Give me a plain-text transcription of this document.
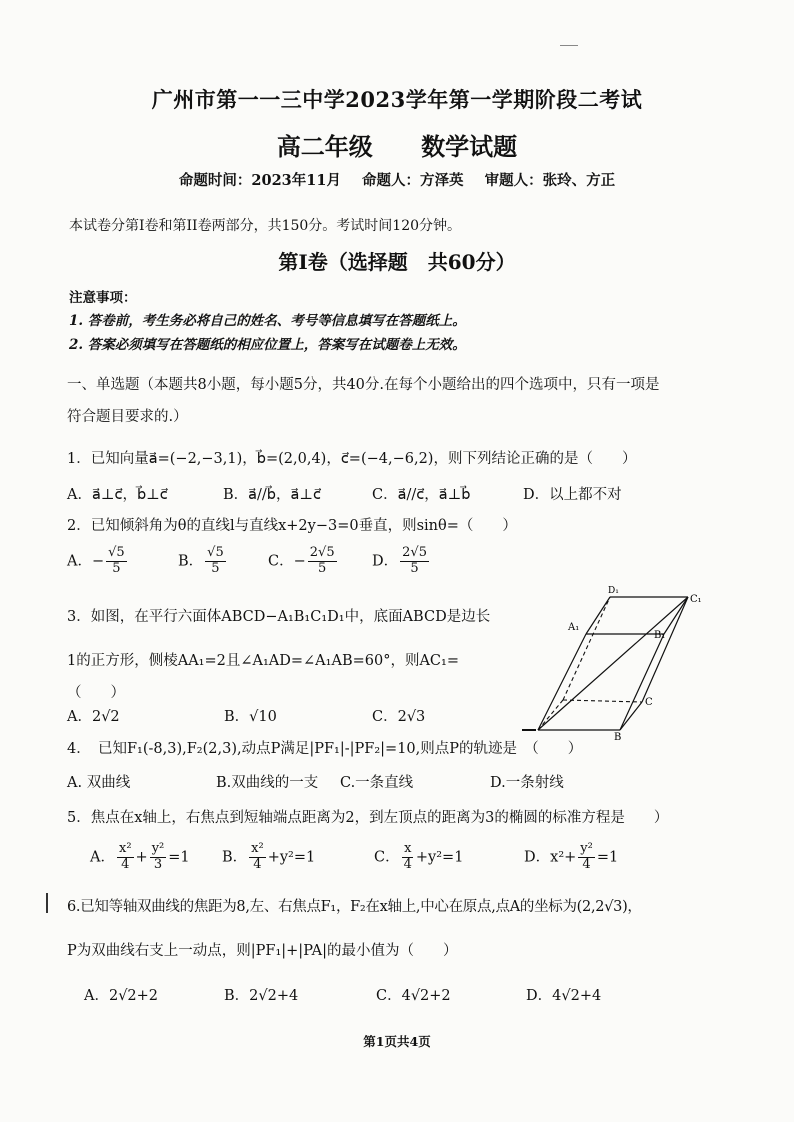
广州市第一一三中学2023学年第一学期阶段二考试
高二年级 数学试题
命题时间：2023年11月 命题人：方泽英 审题人：张玲、方正
本试卷分第I卷和第II卷两部分，共150分。考试时间120分钟。
第I卷（选择题　共60分）
注意事项：
1. 答卷前，考生务必将自己的姓名、考号等信息填写在答题纸上。
2. 答案必须填写在答题纸的相应位置上，答案写在试题卷上无效。
一、单选题（本题共8小题，每小题5分，共40分.在每个小题给出的四个选项中，只有一项是
符合题目要求的.）
1．已知向量a⃗=(−2,−3,1)，b⃗=(2,0,4)，c⃗=(−4,−6,2)，则下列结论正确的是（　　）
A．a⃗⊥c⃗，b⃗⊥c⃗	B．a⃗//b⃗，a⃗⊥c⃗	C．a⃗//c⃗，a⃗⊥b⃗	D．以上都不对
2．已知倾斜角为θ的直线l与直线x+2y−3=0垂直，则sinθ=（　　）
A．− $\frac{√5}{5}$	B． $\frac{√5}{5}$	C．− $\frac{2√5}{5}$ D． $\frac{2√5}{5}$
3．如图，在平行六面体ABCD−A₁B₁C₁D₁中，底面ABCD是边长
1的正方形，侧棱AA₁=2且∠A₁AD=∠A₁AB=60°，则AC₁=
（　　）
A．2√2	B．√10	C．2√3
D₁
C₁
A₁
B₁
C
B
4．　已知F₁(-8,3),F₂(2,3),动点P满足|PF₁|-|PF₂|=10,则点P的轨迹是　（　　）
A. 双曲线	B.双曲线的一支 C.一条直线	D.一条射线
5．焦点在x轴上，右焦点到短轴端点距离为2，到左顶点的距离为3的椭圆的标准方程是　　）
A． $\frac{\text{x²}}{4} + \frac{\text{y²}}{3} =1$ B． $\frac{\text{x²}}{4} +y^2=1$	C． $\frac{x}{4} +y^2=1$	D．$x^2+ \frac{\text{y²}}{4} =1$
6.已知等轴双曲线的焦距为8,左、右焦点F₁，F₂在x轴上,中心在原点,点A的坐标为(2,2√3)，
P为双曲线右支上一动点，则|PF₁|+|PA|的最小值为（　　）
A．2√2+2	B．2√2+4	C．4√2+2	D．4√2+4
第1页共4页
